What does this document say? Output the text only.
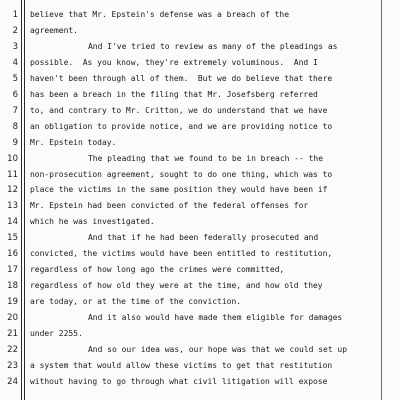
1 believe that Mr. Epstein's defense was a breach of the
2 agreement.
3	And I've tried to review as many of the pleadings as
4 possible.  As you know, they're extremely voluminous.  And I
5 haven't been through all of them.  But we do believe that there
6 has been a breach in the filing that Mr. Josefsberg referred
7 to, and contrary to Mr. Critton, we do understand that we have
8 an obligation to provide notice, and we are providing notice to
9 Mr. Epstein today.
10	The pleading that we found to be in breach -- the
11 non-prosecution agreement, sought to do one thing, which was to
12 place the victims in the same position they would have been if
13 Mr. Epstein had been convicted of the federal offenses for
14 which he was investigated.
15	And that if he had been federally prosecuted and
16 convicted, the victims would have been entitled to restitution,
17 regardless of how long ago the crimes were committed,
18 regardless of how old they were at the time, and how old they
19 are today, or at the time of the conviction.
20	And it also would have made them eligible for damages
21 under 2255.
22	And so our idea was, our hope was that we could set up
23 a system that would allow these victims to get that restitution
24 without having to go through what civil litigation will expose
